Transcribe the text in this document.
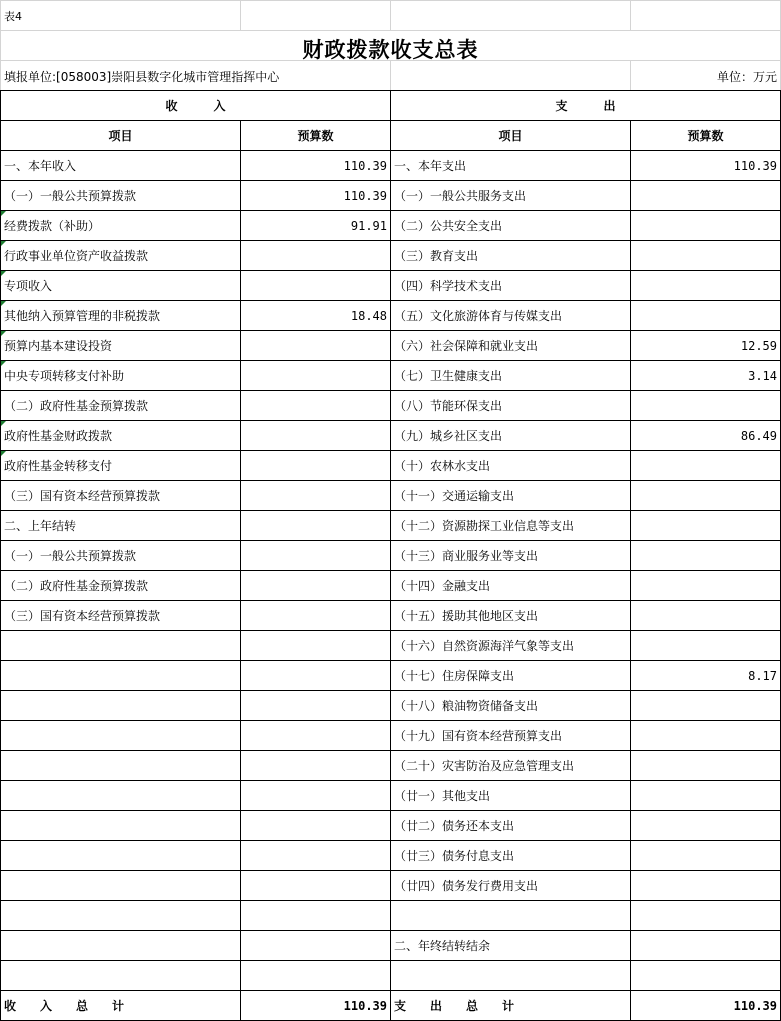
表4
财政拨款收支总表
填报单位:[058003]崇阳县数字化城市管理指挥中心	单位：万元
收　　　入		支　　　出	
项目	预算数	项目	预算数
一、本年收入	110.39	一、本年支出	110.39
（一）一般公共预算拨款	110.39	（一）一般公共服务支出	
经费拨款（补助）	91.91	（二）公共安全支出	
行政事业单位资产收益拨款		（三）教育支出	
专项收入		（四）科学技术支出	
其他纳入预算管理的非税拨款	18.48	（五）文化旅游体育与传媒支出	
预算内基本建设投资		（六）社会保障和就业支出	12.59
中央专项转移支付补助		（七）卫生健康支出	3.14
（二）政府性基金预算拨款		（八）节能环保支出	
政府性基金财政拨款		（九）城乡社区支出	86.49
政府性基金转移支付		（十）农林水支出	
（三）国有资本经营预算拨款		（十一）交通运输支出	
二、上年结转		（十二）资源勘探工业信息等支出	
（一）一般公共预算拨款		（十三）商业服务业等支出	
（二）政府性基金预算拨款		（十四）金融支出	
（三）国有资本经营预算拨款		（十五）援助其他地区支出	
		（十六）自然资源海洋气象等支出	
		（十七）住房保障支出	8.17
		（十八）粮油物资储备支出	
		（十九）国有资本经营预算支出	
		（二十）灾害防治及应急管理支出	
		（廿一）其他支出	
		（廿二）债务还本支出	
		（廿三）债务付息支出	
		（廿四）债务发行费用支出	

		二、年终结转结余	

收　　入　　总　　计	110.39	支　　出　　总　　计	110.39
